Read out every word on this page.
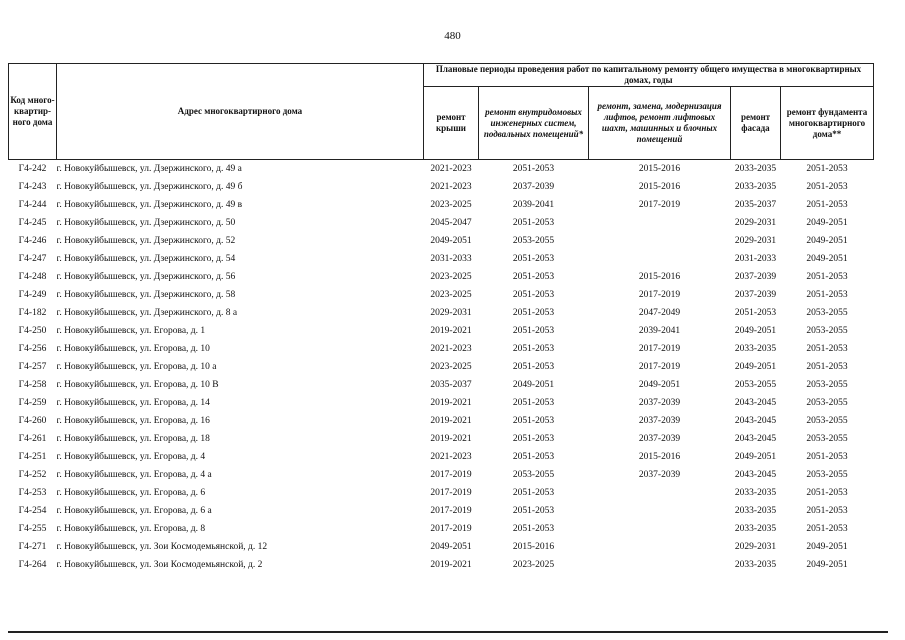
480
Код много-квартир-ного дома	Адрес многоквартирного дома	Плановые периоды проведения работ по капитальному ремонту общего имущества в многоквартирных домах, годы				
		ремонт крыши	ремонт внутридомовых инженерных систем, подвальных помещений*	ремонт, замена, модернизация лифтов, ремонт лифтовых шахт, машинных и блочных помещений	ремонт фасада	ремонт фундамента многоквартирного дома**
Г4-242	г. Новокуйбышевск, ул. Дзержинского, д. 49 а	2021-2023	2051-2053	2015-2016	2033-2035	2051-2053
Г4-243	г. Новокуйбышевск, ул. Дзержинского, д. 49 б	2021-2023	2037-2039	2015-2016	2033-2035	2051-2053
Г4-244	г. Новокуйбышевск, ул. Дзержинского, д. 49 в	2023-2025	2039-2041	2017-2019	2035-2037	2051-2053
Г4-245	г. Новокуйбышевск, ул. Дзержинского, д. 50	2045-2047	2051-2053		2029-2031	2049-2051
Г4-246	г. Новокуйбышевск, ул. Дзержинского, д. 52	2049-2051	2053-2055		2029-2031	2049-2051
Г4-247	г. Новокуйбышевск, ул. Дзержинского, д. 54	2031-2033	2051-2053		2031-2033	2049-2051
Г4-248	г. Новокуйбышевск, ул. Дзержинского, д. 56	2023-2025	2051-2053	2015-2016	2037-2039	2051-2053
Г4-249	г. Новокуйбышевск, ул. Дзержинского, д. 58	2023-2025	2051-2053	2017-2019	2037-2039	2051-2053
Г4-182	г. Новокуйбышевск, ул. Дзержинского, д. 8 а	2029-2031	2051-2053	2047-2049	2051-2053	2053-2055
Г4-250	г. Новокуйбышевск, ул. Егорова, д. 1	2019-2021	2051-2053	2039-2041	2049-2051	2053-2055
Г4-256	г. Новокуйбышевск, ул. Егорова, д. 10	2021-2023	2051-2053	2017-2019	2033-2035	2051-2053
Г4-257	г. Новокуйбышевск, ул. Егорова, д. 10 а	2023-2025	2051-2053	2017-2019	2049-2051	2051-2053
Г4-258	г. Новокуйбышевск, ул. Егорова, д. 10 В	2035-2037	2049-2051	2049-2051	2053-2055	2053-2055
Г4-259	г. Новокуйбышевск, ул. Егорова, д. 14	2019-2021	2051-2053	2037-2039	2043-2045	2053-2055
Г4-260	г. Новокуйбышевск, ул. Егорова, д. 16	2019-2021	2051-2053	2037-2039	2043-2045	2053-2055
Г4-261	г. Новокуйбышевск, ул. Егорова, д. 18	2019-2021	2051-2053	2037-2039	2043-2045	2053-2055
Г4-251	г. Новокуйбышевск, ул. Егорова, д. 4	2021-2023	2051-2053	2015-2016	2049-2051	2051-2053
Г4-252	г. Новокуйбышевск, ул. Егорова, д. 4 а	2017-2019	2053-2055	2037-2039	2043-2045	2053-2055
Г4-253	г. Новокуйбышевск, ул. Егорова, д. 6	2017-2019	2051-2053		2033-2035	2051-2053
Г4-254	г. Новокуйбышевск, ул. Егорова, д. 6 а	2017-2019	2051-2053		2033-2035	2051-2053
Г4-255	г. Новокуйбышевск, ул. Егорова, д. 8	2017-2019	2051-2053		2033-2035	2051-2053
Г4-271	г. Новокуйбышевск, ул. Зои Космодемьянской, д. 12	2049-2051	2015-2016		2029-2031	2049-2051
Г4-264	г. Новокуйбышевск, ул. Зои Космодемьянской, д. 2	2019-2021	2023-2025		2033-2035	2049-2051
